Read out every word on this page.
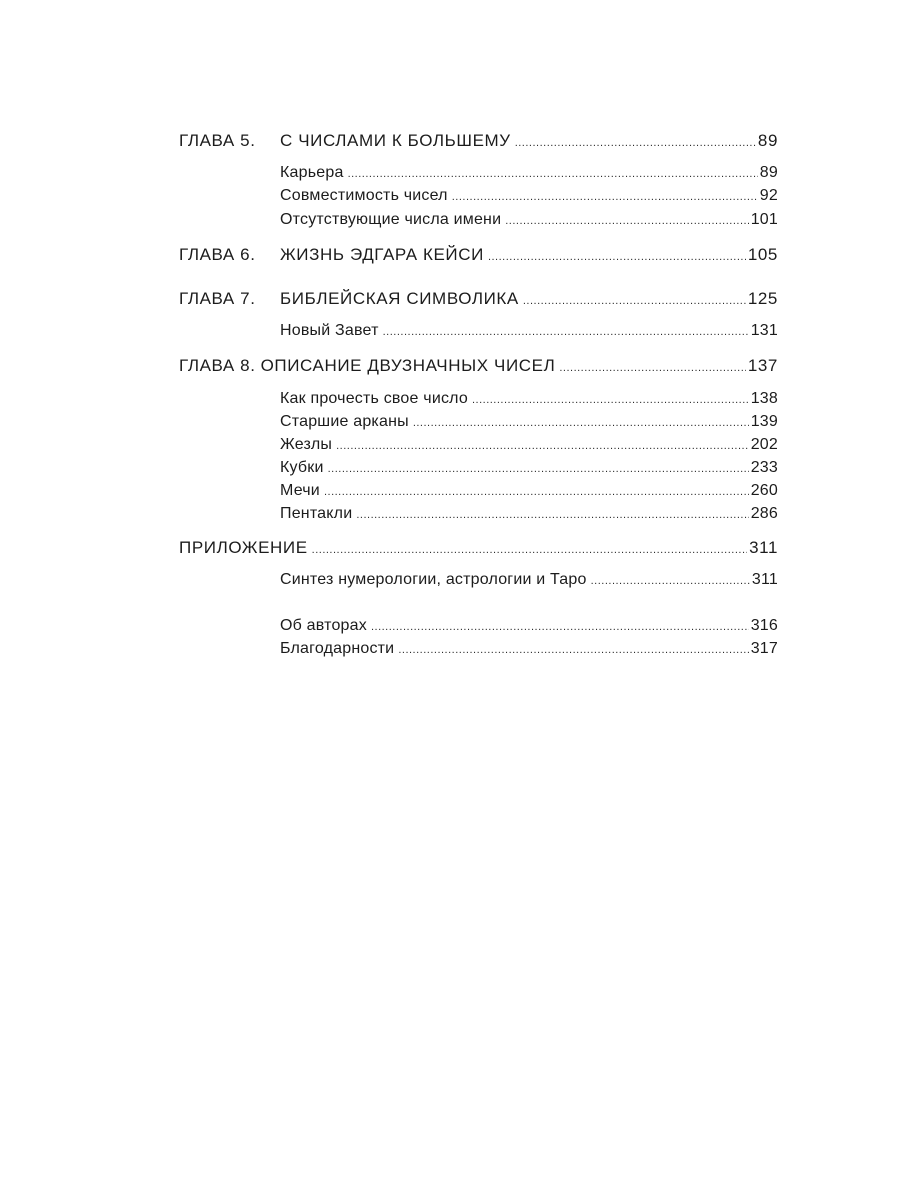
ГЛАВА 5.	С ЧИСЛАМИ К БОЛЬШЕМУ .....	89
Карьера .....	89
Совместимость чисел .....	92
Отсутствующие числа имени .....	101
ГЛАВА 6.	ЖИЗНЬ ЭДГАРА КЕЙСИ .....	105
ГЛАВА 7.	БИБЛЕЙСКАЯ СИМВОЛИКА .....	125
Новый Завет .....	131
ГЛАВА 8. ОПИСАНИЕ ДВУЗНАЧНЫХ ЧИСЕЛ .....	137
Как прочесть свое число .....	138
Старшие арканы .....	139
Жезлы .....	202
Кубки .....	233
Мечи .....	260
Пентакли .....	286
ПРИЛОЖЕНИЕ .....	311
Синтез нумерологии, астрологии и Таро .....	311
Об авторах .....	316
Благодарности .....	317
